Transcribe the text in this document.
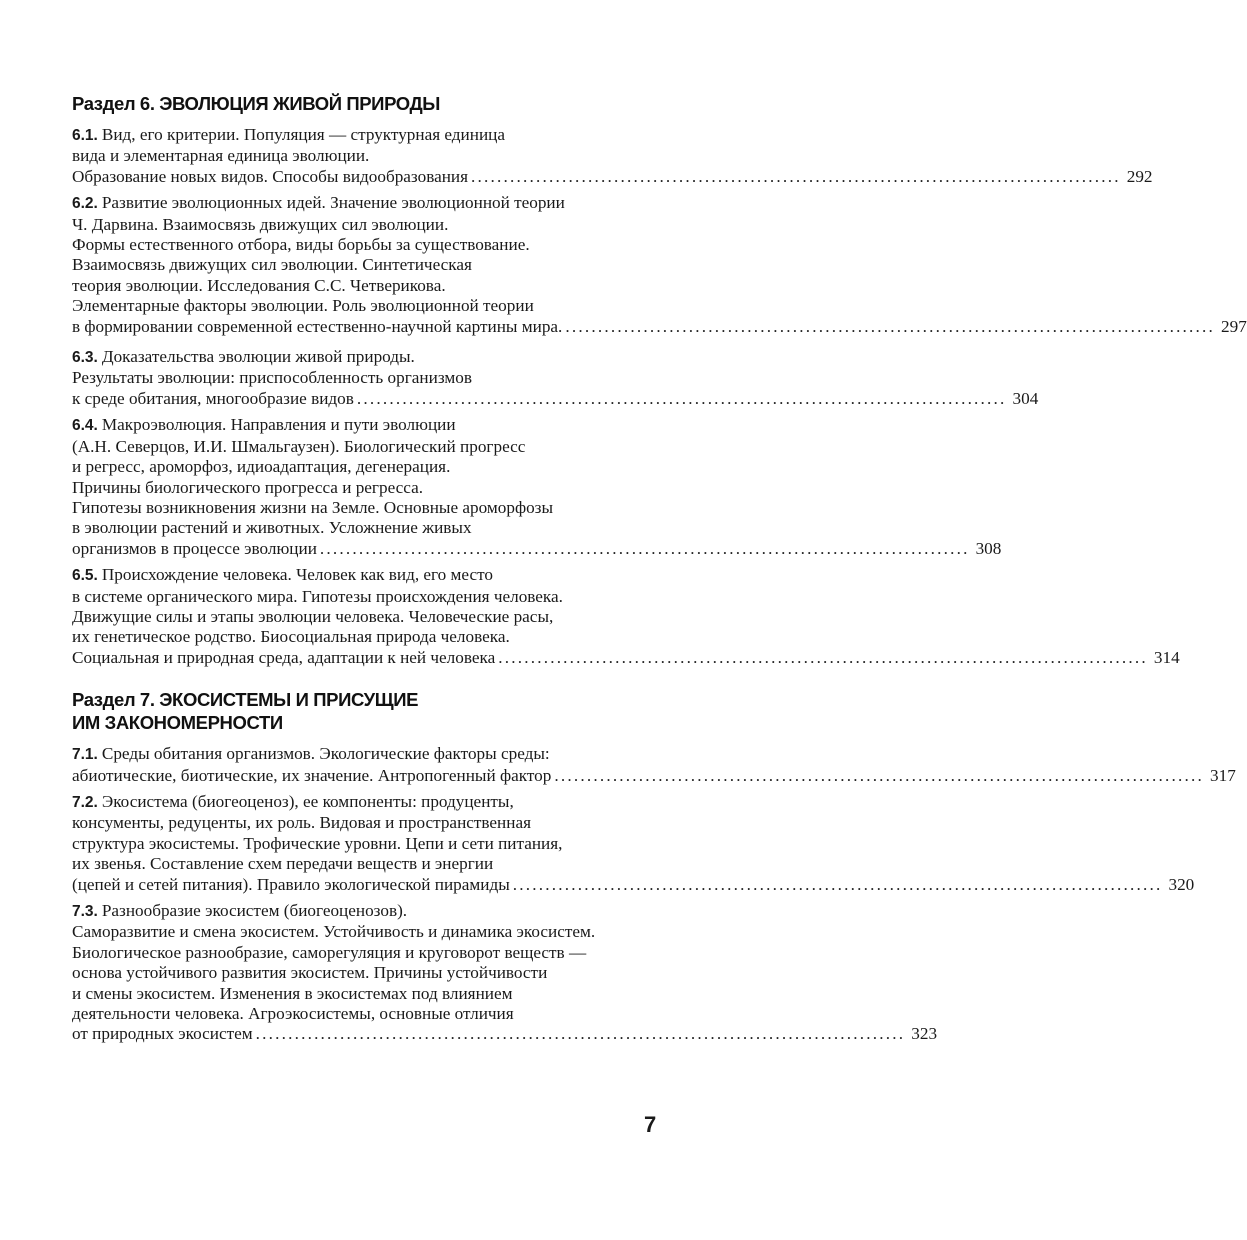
Раздел 6. ЭВОЛЮЦИЯ ЖИВОЙ ПРИРОДЫ
6.1. Вид, его критерии. Популяция — структурная единица
вида и элементарная единица эволюции.
Образование новых видов. Способы видообразования .................................................................................................... 292
6.2. Развитие эволюционных идей. Значение эволюционной теории
Ч. Дарвина. Взаимосвязь движущих сил эволюции.
Формы естественного отбора, виды борьбы за существование.
Взаимосвязь движущих сил эволюции. Синтетическая
теория эволюции. Исследования С.С. Четверикова.
Элементарные факторы эволюции. Роль эволюционной теории
в формировании современной естественно-научной картины мира. .................................................................................................... 297
6.3. Доказательства эволюции живой природы.
Результаты эволюции: приспособленность организмов
к среде обитания, многообразие видов .................................................................................................... 304
6.4. Макроэволюция. Направления и пути эволюции
(А.Н. Северцов, И.И. Шмальгаузен). Биологический прогресс
и регресс, ароморфоз, идиоадаптация, дегенерация.
Причины биологического прогресса и регресса.
Гипотезы возникновения жизни на Земле. Основные ароморфозы
в эволюции растений и животных. Усложнение живых
организмов в процессе эволюции .................................................................................................... 308
6.5. Происхождение человека. Человек как вид, его место
в системе органического мира. Гипотезы происхождения человека.
Движущие силы и этапы эволюции человека. Человеческие расы,
их генетическое родство. Биосоциальная природа человека.
Социальная и природная среда, адаптации к ней человека .................................................................................................... 314
Раздел 7. ЭКОСИСТЕМЫ И ПРИСУЩИЕ
ИМ ЗАКОНОМЕРНОСТИ
7.1. Среды обитания организмов. Экологические факторы среды:
абиотические, биотические, их значение. Антропогенный фактор .................................................................................................... 317
7.2. Экосистема (биогеоценоз), ее компоненты: продуценты,
консументы, редуценты, их роль. Видовая и пространственная
структура экосистемы. Трофические уровни. Цепи и сети питания,
их звенья. Составление схем передачи веществ и энергии
(цепей и сетей питания). Правило экологической пирамиды .................................................................................................... 320
7.3. Разнообразие экосистем (биогеоценозов).
Саморазвитие и смена экосистем. Устойчивость и динамика экосистем.
Биологическое разнообразие, саморегуляция и круговорот веществ —
основа устойчивого развития экосистем. Причины устойчивости
и смены экосистем. Изменения в экосистемах под влиянием
деятельности человека. Агроэкосистемы, основные отличия
от природных экосистем .................................................................................................... 323
7
